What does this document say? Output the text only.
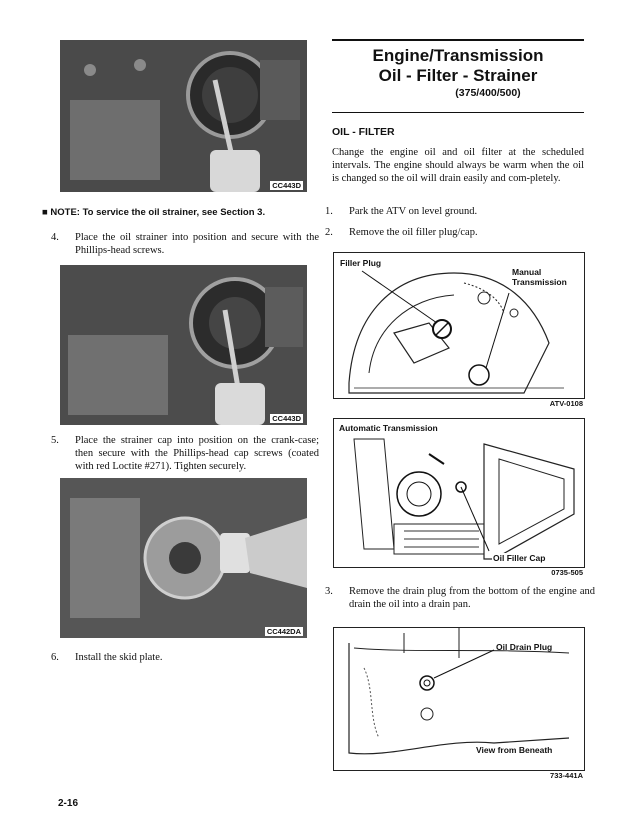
CC443D
■ NOTE: To service the oil strainer, see Section 3.
4. Place the oil strainer into position and secure with the Phillips-head screws.
CC443D
5. Place the strainer cap into position on the crank-case; then secure with the Phillips-head cap screws (coated with red Loctite #271). Tighten securely.
CC442DA
6. Install the skid plate.
2-16
Engine/Transmission
Oil - Filter - Strainer
(375/400/500)
OIL - FILTER
Change the engine oil and oil filter at the scheduled intervals. The engine should always be warm when the oil is changed so the oil will drain easily and com-pletely.
1. Park the ATV on level ground.
2. Remove the oil filler plug/cap.
Filler Plug
Manual
Transmission
ATV-0108
Automatic Transmission
Oil Filler Cap
0735-505
3. Remove the drain plug from the bottom of the engine and drain the oil into a drain pan.
Oil Drain Plug
View from Beneath
733-441A
